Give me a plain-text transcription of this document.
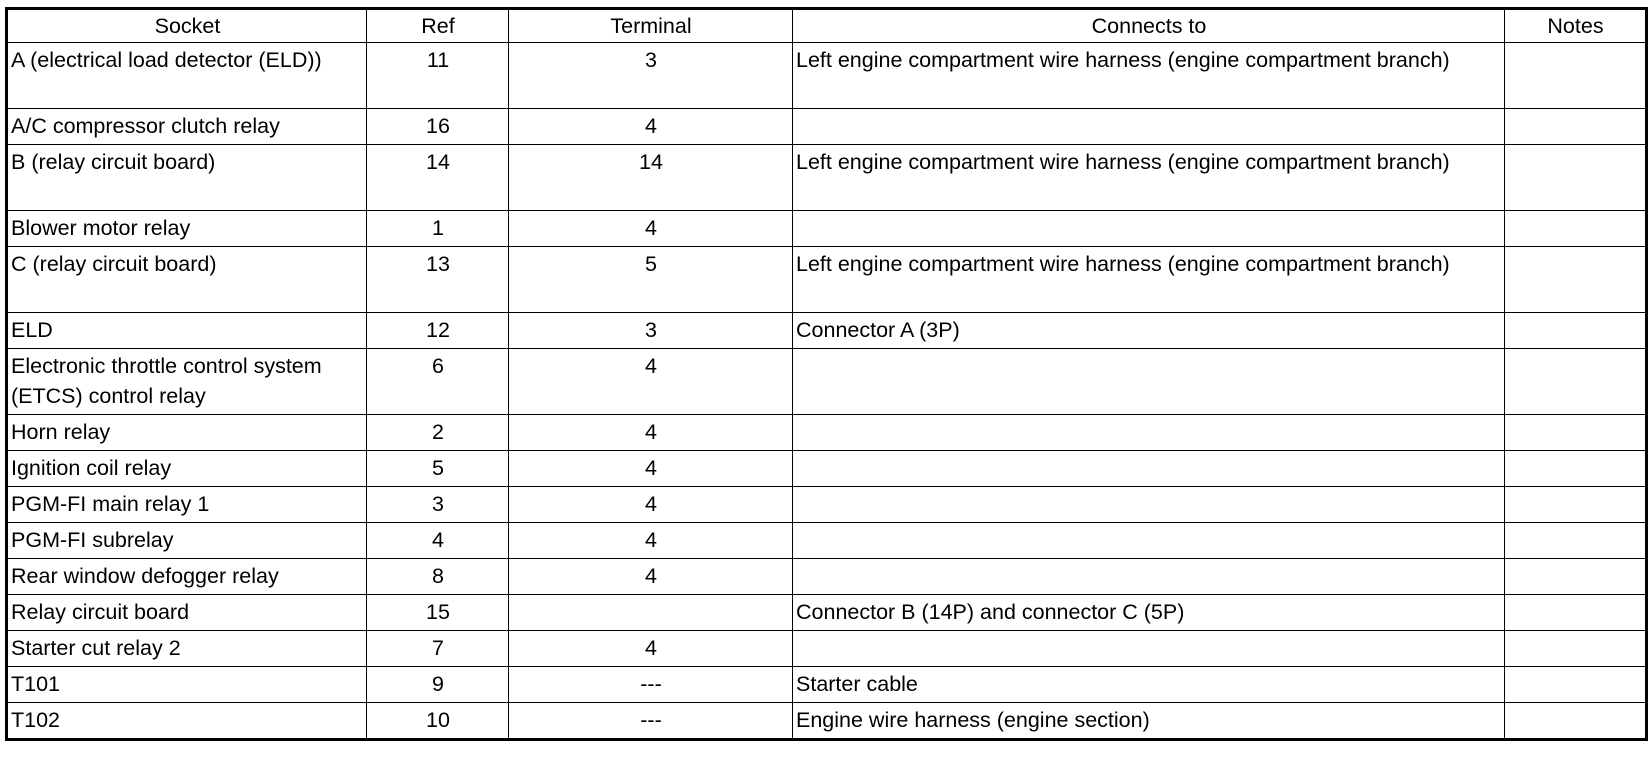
Socket	Ref	Terminal	Connects to	Notes
A (electrical load detector (ELD))	11	3	Left engine compartment wire harness (engine compartment branch)	
A/C compressor clutch relay	16	4		
B (relay circuit board)	14	14	Left engine compartment wire harness (engine compartment branch)	
Blower motor relay	1	4		
C (relay circuit board)	13	5	Left engine compartment wire harness (engine compartment branch)	
ELD	12	3	Connector A (3P)	
Electronic throttle control system (ETCS) control relay	6	4		
Horn relay	2	4		
Ignition coil relay	5	4		
PGM-FI main relay 1	3	4		
PGM-FI subrelay	4	4		
Rear window defogger relay	8	4		
Relay circuit board	15		Connector B (14P) and connector C (5P)	
Starter cut relay 2	7	4		
T101	9	---	Starter cable	
T102	10	---	Engine wire harness (engine section)	
